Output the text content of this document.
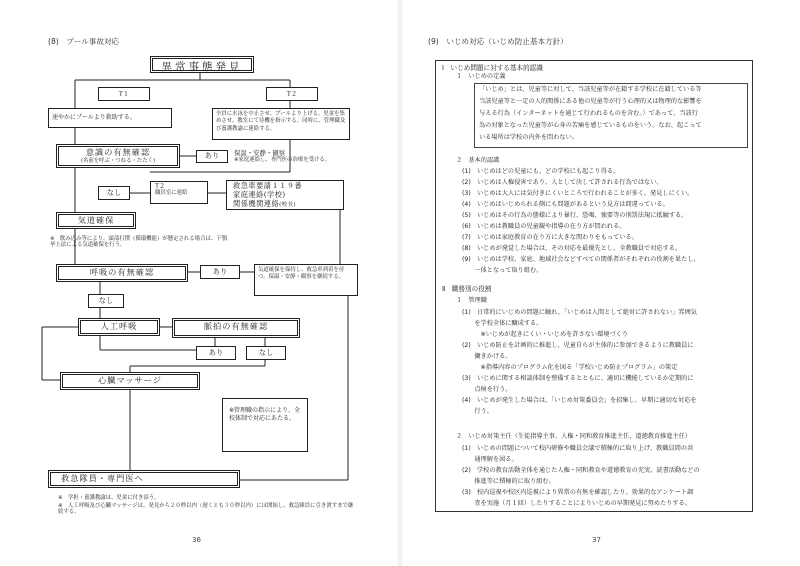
(8)　プール事故対応
異常事態発見
T１	T２
速やかにプールより救助する。	全員に水泳を中止させ、プールより上げる。児童を集めさせ、教室にて待機を指示する。同時に、管理職及び養護教諭に連絡する。
意識の有無確認
(名前を呼ぶ・つねる・たたく)
あり	保温・安静・観察
※家庭連絡し、専門医の治療を受ける。
なし
T２
職員室に連絡
救急車要請１１９番
家庭連絡(学校)
関係機関連絡(校長)
気道確保
※　飲み込み等により、頭部打撲（循環機能）が懸定される場合は、下顎挙上法による気道確保を行う。
呼吸の有無確認	あり	気道確保を保持し、救急車到着を待つ。保温・安静・観察を継続する。
なし
人工呼吸	脈拍の有無確認
あり	なし
心臓マッサージ
※管理職の指示により、全校体制で対応にあたる。
救急隊員・専門医へ
※　学担・養護教諭は、児童に付き添う。
※　人工呼吸及び心臓マッサージは、発見から２０秒以内（遅くとも３０秒以内）には開始し、救急隊員に引き渡すまで継続する。
36
(9)　いじめ対応（いじめ防止基本方針）
Ⅰ　いじめ問題に対する基本的認識
１　いじめの定義
「いじめ」とは、児童等に対して、当該児童等が在籍する学校に在籍している等
当該児童等と一定の人的関係にある他の児童等が行う心理的又は物理的な影響を
与える行為（インターネットを通じて行われるものを含む。）であって、当該行
為の対象となった児童等が心身の苦痛を感じているものをいう。なお、起こって
いる場所は学校の内外を問わない。
２　基本的認識
(1)　いじめはどの児童にも、どの学校にも起こり得る。
(2)　いじめは人権侵害であり、人として決して許される行為ではない。
(3)　いじめは大人には気付きにくいところで行われることが多く、発見しにくい。
(4)　いじめはいじめられる側にも問題があるという見方は間違っている。
(5)　いじめはその行為の態様により暴行、恐喝、強要等の刑罰法規に抵触する。
(6)　いじめは教職員の児童観や指導の在り方が問われる。
(7)　いじめは家庭教育の在り方に大きな関わりをもっている。
(8)　いじめが発覚した場合は、その対応を最優先とし、全教職員で対応する。
(9)　いじめは学校、家庭、地域社会などすべての関係者がそれぞれの役割を果たし、
　　一体となって取り組む。
Ⅱ　職務別の役割
１　管理職
(1)　日常的にいじめの問題に触れ、「いじめは人間として絶対に許されない」雰囲気
　　を学校全体に醸成する。
　　　※いじめが起きにくい・いじめを許さない環境づくり
(2)　いじめ防止を計画的に推進し、児童自らが主体的に参加できるように教職員に
　　働きかける。
　　　※指導内容のプログラム化を図る「学校いじめ防止プログラム」の策定
(3)　いじめに関する相談体制を整備するとともに、適切に機能しているか定期的に
　　点検を行う。
(4)　いじめが発生した場合は、「いじめ対策委員会」を招集し、早期に適切な対応を
　　行う。
２　いじめ対策主任（生徒指導主事、人権・同和教育推進主任、道徳教育推進主任）
(1)　いじめの問題について校内研修や職員会議で積極的に取り上げ、教職員間の共
　　通理解を図る。
(2)　学校の教育活動全体を通じた人権・同和教育や道徳教育の充実、読書活動などの
　　推進等に積極的に取り組む。
(3)　校内巡視や校区内巡視により異常の有無を確認したり、効果的なアンケート調
　　査を実施（月１回）したりすることによりいじめの早期発見に努めたりする。
37
